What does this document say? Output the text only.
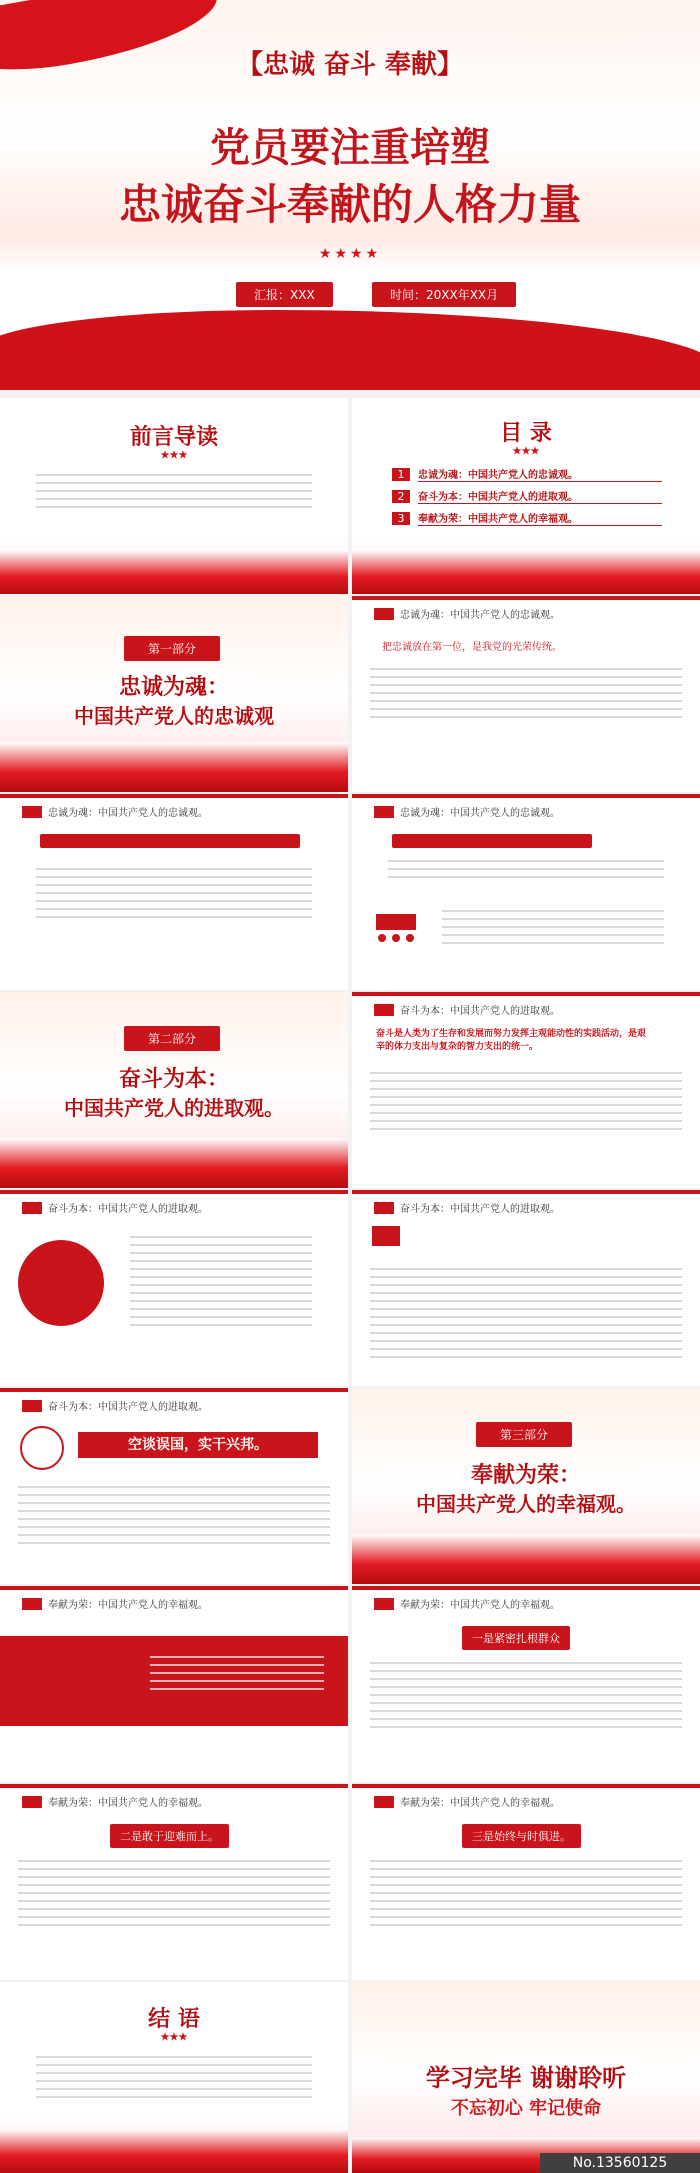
【忠诚 奋斗 奉献】
党员要注重培塑
忠诚奋斗奉献的人格力量
★★★★
汇报：XXX	时间：20XX年XX月
前言导读
★★★
目 录
★★★
1	忠诚为魂：中国共产党人的忠诚观。
2	奋斗为本：中国共产党人的进取观。
3	奉献为荣：中国共产党人的幸福观。
第一部分
忠诚为魂：
中国共产党人的忠诚观
忠诚为魂：中国共产党人的忠诚观。
把忠诚放在第一位，是我党的光荣传统。
忠诚为魂：中国共产党人的忠诚观。	忠诚为魂：中国共产党人的忠诚观。
第二部分
奋斗为本：
中国共产党人的进取观。
奋斗为本：中国共产党人的进取观。
奋斗是人类为了生存和发展而努力发挥主观能动性的实践活动，是艰辛的体力支出与复杂的智力支出的统一。
奋斗为本：中国共产党人的进取观。	奋斗为本：中国共产党人的进取观。
奋斗为本：中国共产党人的进取观。
空谈误国，实干兴邦。
第三部分
奉献为荣：
中国共产党人的幸福观。
奉献为荣：中国共产党人的幸福观。	奉献为荣：中国共产党人的幸福观。
一是紧密扎根群众
奉献为荣：中国共产党人的幸福观。
二是敢于迎难而上。
奉献为荣：中国共产党人的幸福观。
三是始终与时俱进。
结 语
★★★
学习完毕 谢谢聆听
不忘初心 牢记使命
No.13560125
